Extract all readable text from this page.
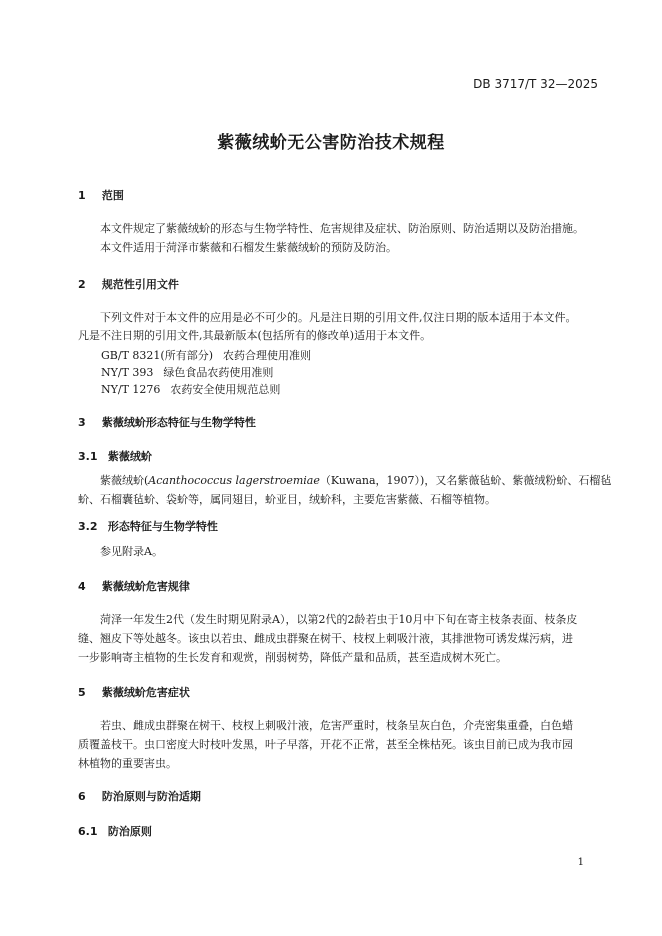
DB 3717/T 32—2025
紫薇绒蚧无公害防治技术规程
1 范围
本文件规定了紫薇绒蚧的形态与生物学特性、危害规律及症状、防治原则、防治适期以及防治措施。
本文件适用于菏泽市紫薇和石榴发生紫薇绒蚧的预防及防治。
2 规范性引用文件
下列文件对于本文件的应用是必不可少的。凡是注日期的引用文件,仅注日期的版本适用于本文件。
凡是不注日期的引用文件,其最新版本(包括所有的修改单)适用于本文件。
GB/T 8321(所有部分) 农药合理使用准则
NY/T 393 绿色食品农药使用准则
NY/T 1276 农药安全使用规范总则
3 紫薇绒蚧形态特征与生物学特性
3.1 紫薇绒蚧
紫薇绒蚧(Acanthococcus lagerstroemiae（Kuwana，1907）)，又名紫薇毡蚧、紫薇绒粉蚧、石榴毡
蚧、石榴囊毡蚧、袋蚧等，属同翅目，蚧亚目，绒蚧科，主要危害紫薇、石榴等植物。
3.2 形态特征与生物学特性
参见附录A。
4 紫薇绒蚧危害规律
菏泽一年发生2代（发生时期见附录A），以第2代的2龄若虫于10月中下旬在寄主枝条表面、枝条皮
缝、翘皮下等处越冬。该虫以若虫、雌成虫群聚在树干、枝杈上刺吸汁液，其排泄物可诱发煤污病，进
一步影响寄主植物的生长发育和观赏，削弱树势，降低产量和品质，甚至造成树木死亡。
5 紫薇绒蚧危害症状
若虫、雌成虫群聚在树干、枝杈上刺吸汁液，危害严重时，枝条呈灰白色，介壳密集重叠，白色蜡
质覆盖枝干。虫口密度大时枝叶发黑，叶子早落，开花不正常，甚至全株枯死。该虫目前已成为我市园
林植物的重要害虫。
6 防治原则与防治适期
6.1 防治原则
1
